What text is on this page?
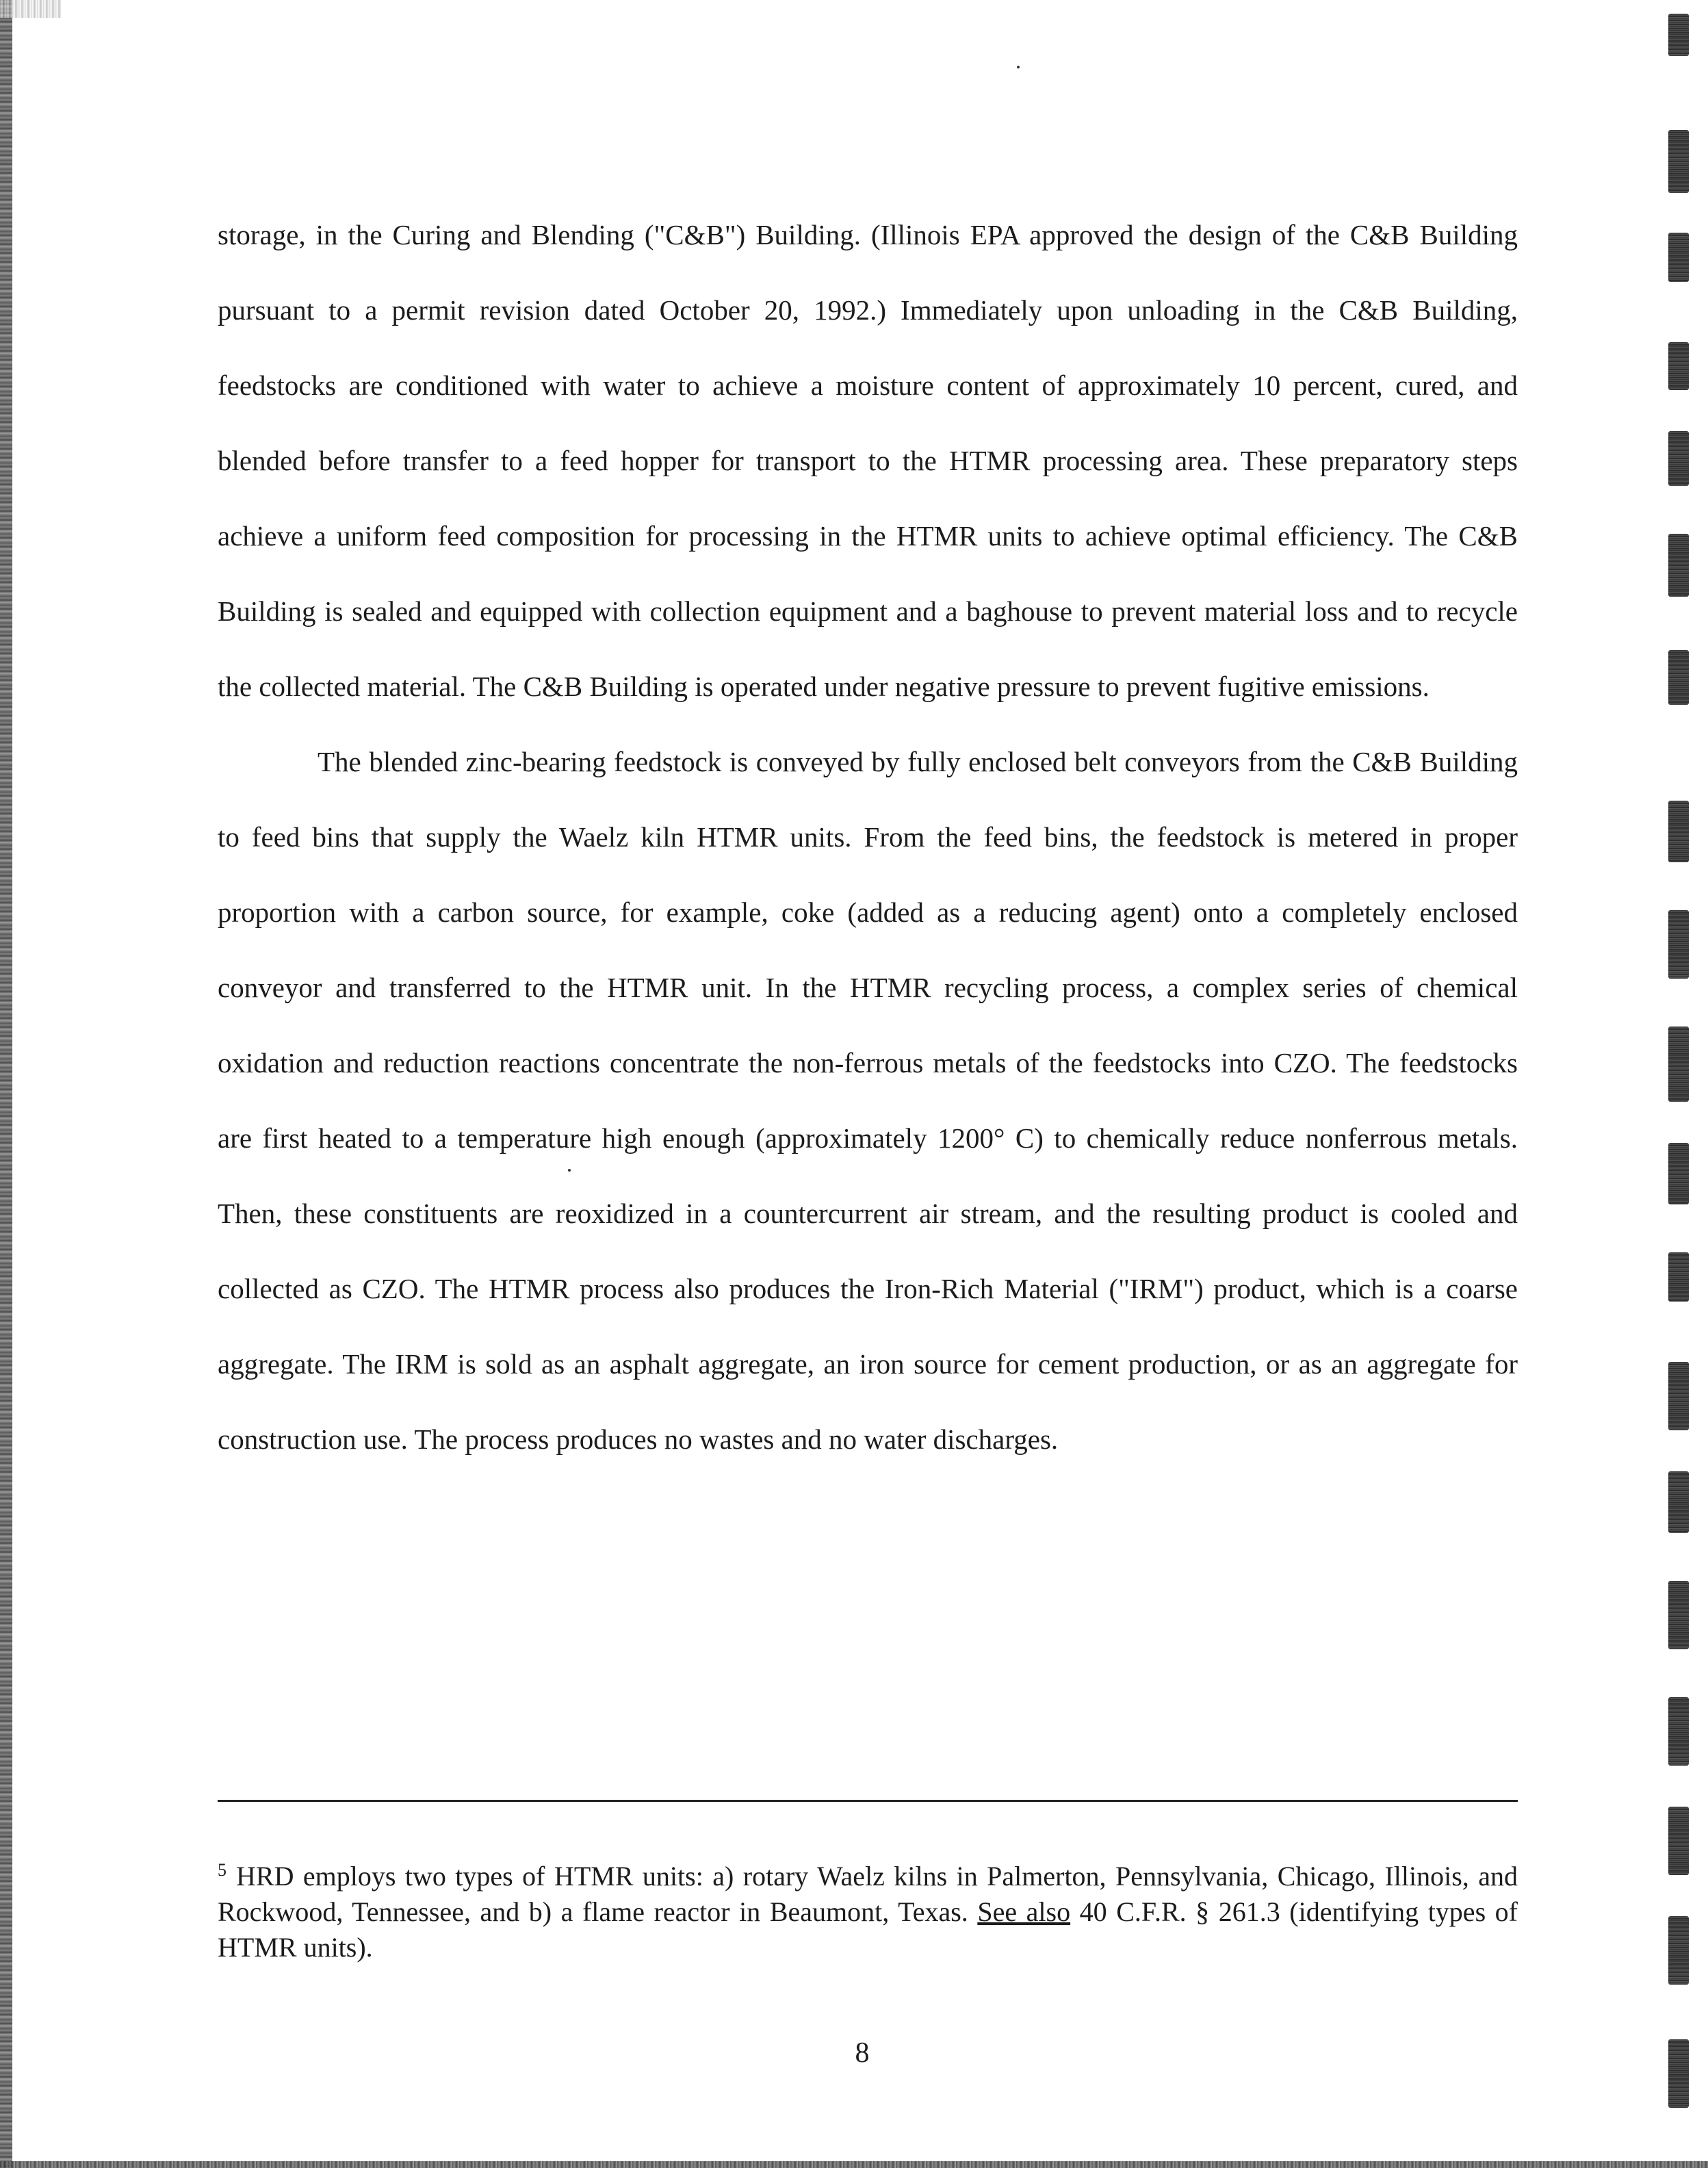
storage, in the Curing and Blending ("C&B") Building. (Illinois EPA approved the design of the C&B Building pursuant to a permit revision dated October 20, 1992.) Immediately upon unloading in the C&B Building, feedstocks are conditioned with water to achieve a moisture content of approximately 10 percent, cured, and blended before transfer to a feed hopper for transport to the HTMR processing area. These preparatory steps achieve a uniform feed composition for processing in the HTMR units to achieve optimal efficiency. The C&B Building is sealed and equipped with collection equipment and a baghouse to prevent material loss and to recycle the collected material. The C&B Building is operated under negative pressure to prevent fugitive emissions.

The blended zinc-bearing feedstock is conveyed by fully enclosed belt conveyors from the C&B Building to feed bins that supply the Waelz kiln HTMR units. From the feed bins, the feedstock is metered in proper proportion with a carbon source, for example, coke (added as a reducing agent) onto a completely enclosed conveyor and transferred to the HTMR unit. In the HTMR recycling process, a complex series of chemical oxidation and reduction reactions concentrate the non-ferrous metals of the feedstocks into CZO. The feedstocks are first heated to a temperature high enough (approximately 1200° C) to chemically reduce nonferrous metals. Then, these constituents are reoxidized in a countercurrent air stream, and the resulting product is cooled and collected as CZO. The HTMR process also produces the Iron-Rich Material ("IRM") product, which is a coarse aggregate. The IRM is sold as an asphalt aggregate, an iron source for cement production, or as an aggregate for construction use. The process produces no wastes and no water discharges.

$^5$ HRD employs two types of HTMR units: a) rotary Waelz kilns in Palmerton, Pennsylvania, Chicago, Illinois, and Rockwood, Tennessee, and b) a flame reactor in Beaumont, Texas. See also 40 C.F.R. § 261.3 (identifying types of HTMR units).
8
